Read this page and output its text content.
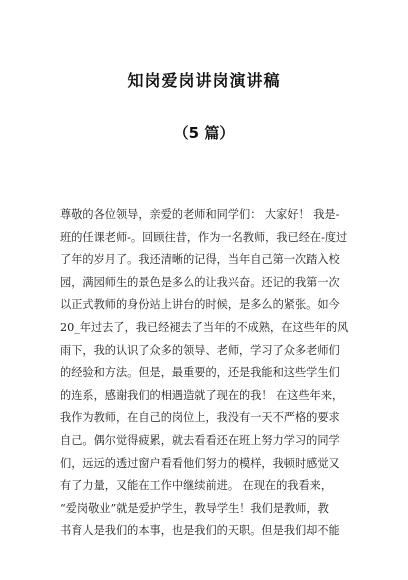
知岗爱岗讲岗演讲稿
（5 篇）
尊敬的各位领导，亲爱的老师和同学们： 大家好！ 我是-
班的任课老师-。回顾往昔，作为一名教师，我已经在-度过
了年的岁月了。我还清晰的记得，当年自己第一次踏入校
园，满园师生的景色是多么的让我兴奋。还记的我第一次
以正式教师的身份站上讲台的时候，是多么的紧张。如今
20_年过去了，我已经褪去了当年的不成熟，在这些年的风
雨下，我的认识了众多的领导、老师，学习了众多老师们
的经验和方法。但是，最重要的，还是我能和这些学生们
的连系，感谢我们的相遇造就了现在的我！ 在这些年来，
我作为教师，在自己的岗位上，我没有一天不严格的要求
自己。偶尔觉得疲累，就去看看还在班上努力学习的同学
们，远远的透过窗户看看他们努力的模样，我顿时感觉又
有了力量，又能在工作中继续前进。 在现在的我看来，
“爱岗敬业”就是爱护学生，教导学生！我们是教师，教
书育人是我们的本事，也是我们的天职。但是我们却不能
